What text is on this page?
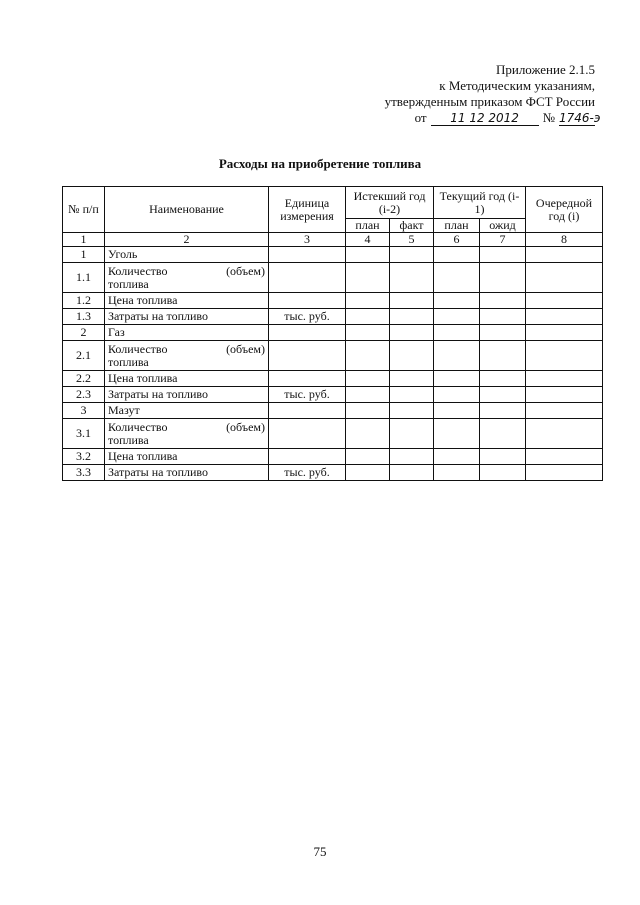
Приложение 2.1.5
к Методическим указаниям,
утвержденным приказом ФСТ России
от	11 12 2012	№ 1746-э
Расходы на приобретение топлива
№ п/п	Наименование	Единица измерения	Истекший год (i-2)		Текущий год (i-1)		Очередной год (i)
			план	факт	план	ожид	
1	2	3	4	5	6	7	8
1	Уголь						
1.1	Количество (объем)
топлива						

1.2	Цена топлива						
1.3	Затраты на топливо	тыс. руб.					
2	Газ						
2.1	Количество (объем)
топлива						

2.2	Цена топлива						
2.3	Затраты на топливо	тыс. руб.					
3	Мазут						
3.1	Количество (объем)
топлива						

3.2	Цена топлива						
3.3	Затраты на топливо	тыс. руб.					
75
